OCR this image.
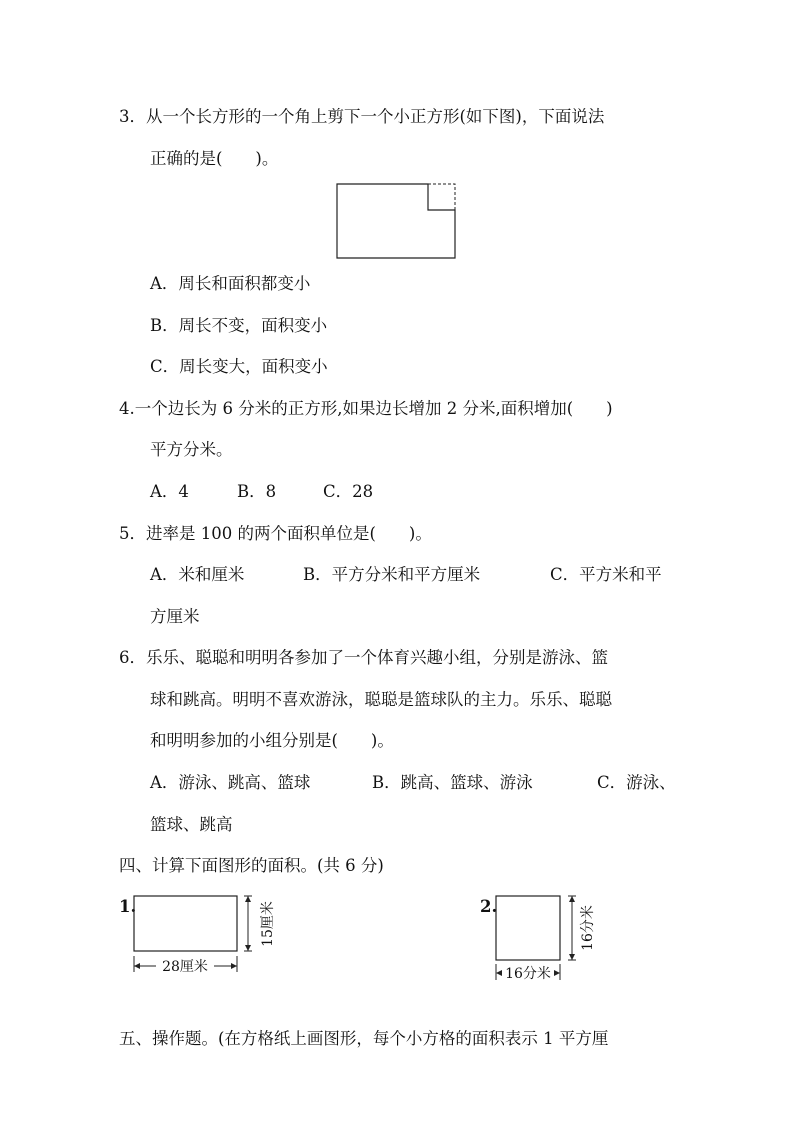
3．从一个长方形的一个角上剪下一个小正方形(如下图)，下面说法
正确的是(　　)。
A．周长和面积都变小
B．周长不变，面积变小
C．周长变大，面积变小
4.一个边长为 6 分米的正方形,如果边长增加 2 分米,面积增加(　　)
平方分米。
A．4	B．8	C．28
5．进率是 100 的两个面积单位是(　　)。
A．米和厘米	B．平方分米和平方厘米	C．平方米和平
方厘米
6．乐乐、聪聪和明明各参加了一个体育兴趣小组，分别是游泳、篮
球和跳高。明明不喜欢游泳，聪聪是篮球队的主力。乐乐、聪聪
和明明参加的小组分别是(　　)。
A．游泳、跳高、篮球	B．跳高、篮球、游泳	C．游泳、
篮球、跳高
四、计算下面图形的面积。(共 6 分)
1.	15厘米
28厘米
2.	16分米
16分米
五、操作题。(在方格纸上画图形，每个小方格的面积表示 1 平方厘
